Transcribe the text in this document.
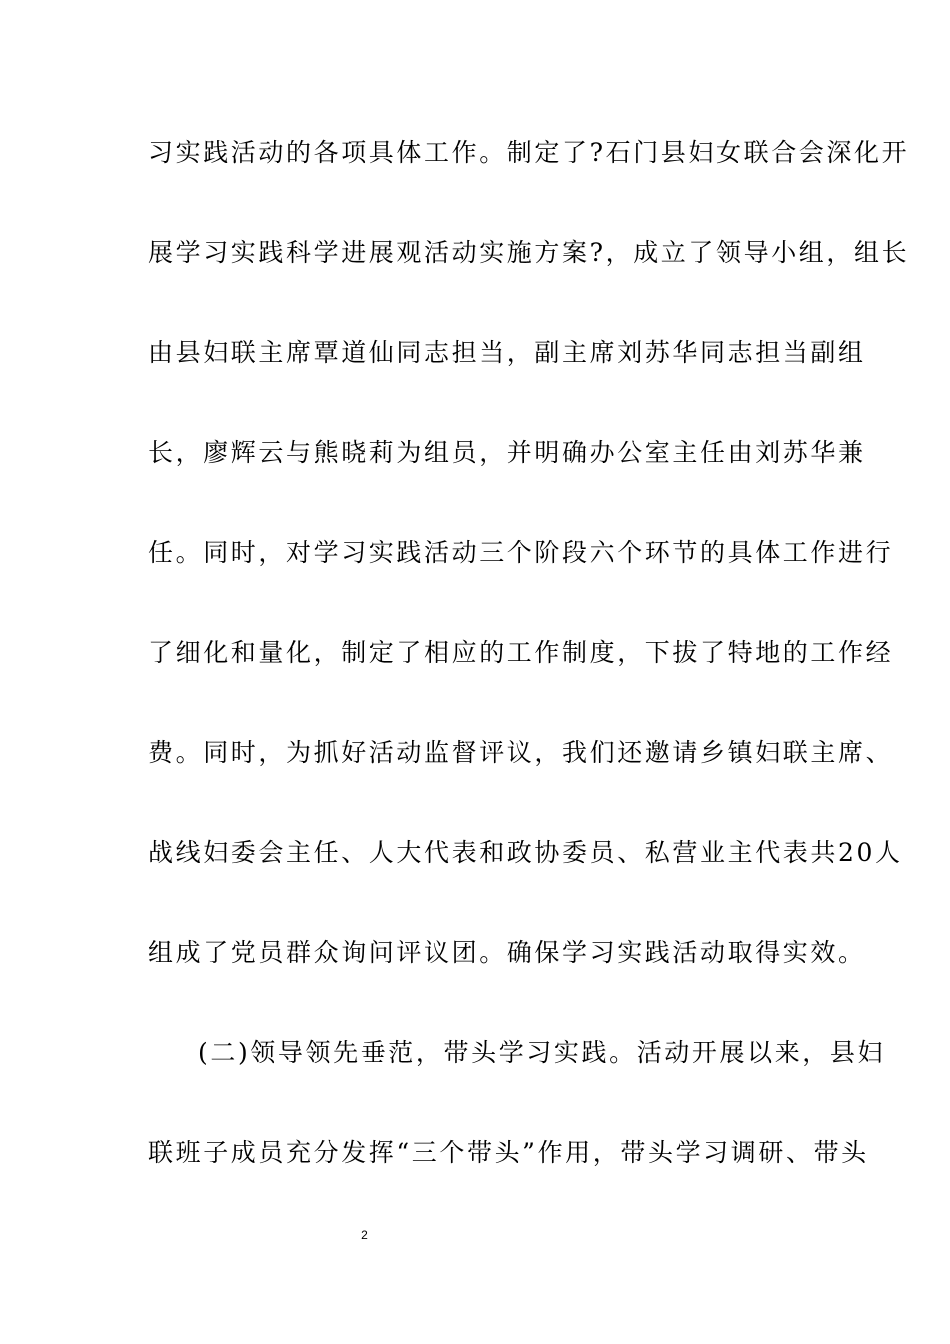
习实践活动的各项具体工作。制定了?石门县妇女联合会深化开
展学习实践科学进展观活动实施方案?，成立了领导小组，组长
由县妇联主席覃道仙同志担当，副主席刘苏华同志担当副组
长，廖辉云与熊晓莉为组员，并明确办公室主任由刘苏华兼
任。同时，对学习实践活动三个阶段六个环节的具体工作进行
了细化和量化，制定了相应的工作制度，下拔了特地的工作经
费。同时，为抓好活动监督评议，我们还邀请乡镇妇联主席、
战线妇委会主任、人大代表和政协委员、私营业主代表共20人
组成了党员群众询问评议团。确保学习实践活动取得实效。
(二)领导领先垂范，带头学习实践。活动开展以来，县妇
联班子成员充分发挥“三个带头”作用，带头学习调研、带头
2
